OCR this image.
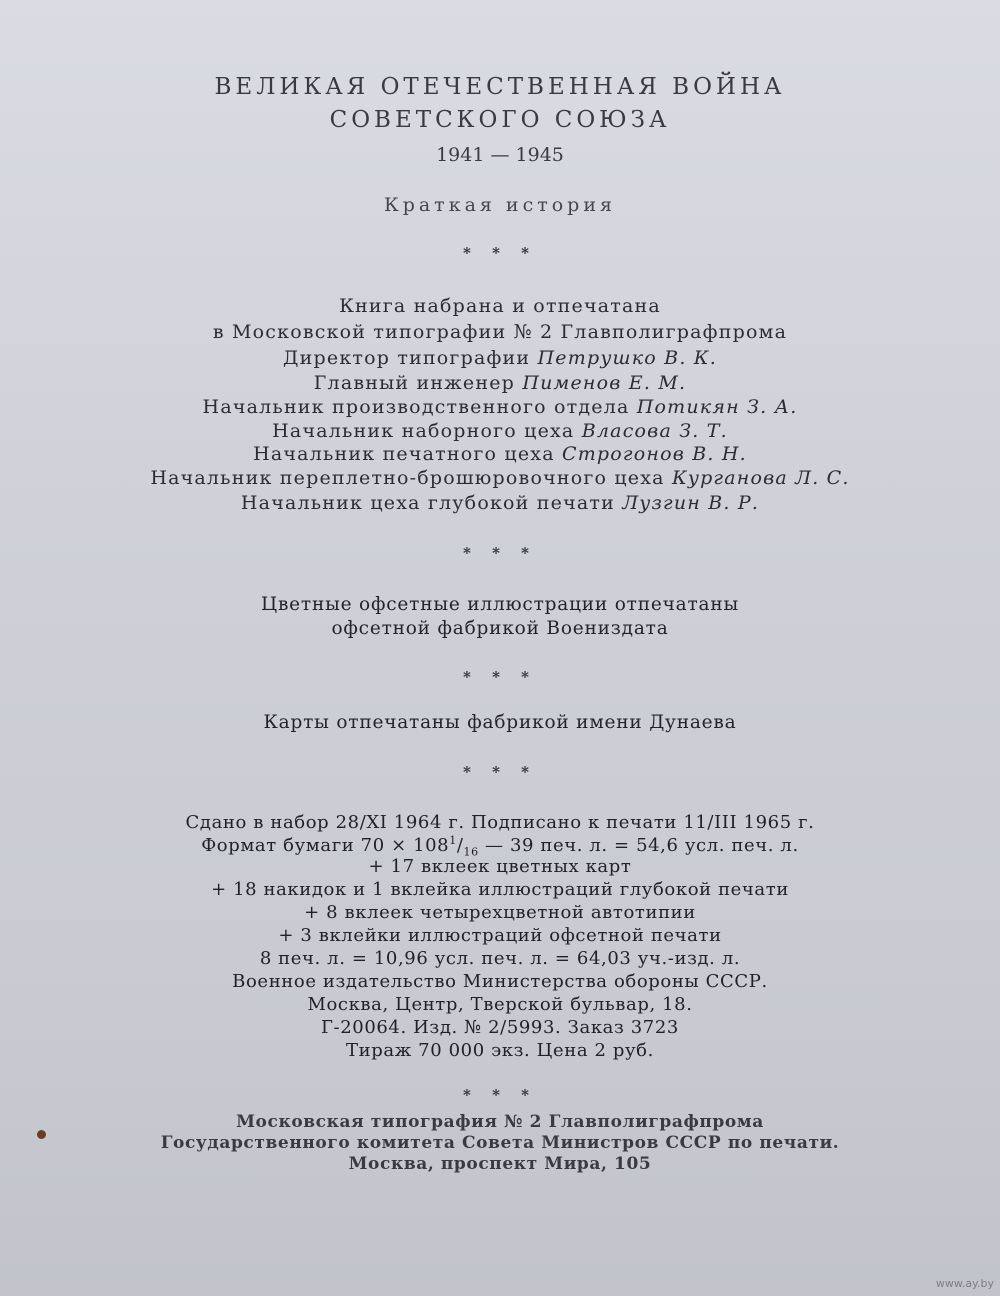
ВЕЛИКАЯ ОТЕЧЕСТВЕННАЯ ВОЙНА
СОВЕТСКОГО СОЮЗА
1941 — 1945
Краткая история
* * *
Книга набрана и отпечатана
в Московской типографии № 2 Главполиграфпрома
Директор типографии Петрушко В. К.
Главный инженер Пименов Е. М.
Начальник производственного отдела Потикян З. А.
Начальник наборного цеха Власова З. Т.
Начальник печатного цеха Строгонов В. Н.
Начальник переплетно-брошюровочного цеха Курганова Л. С.
Начальник цеха глубокой печати Лузгин В. Р.
* * *
Цветные офсетные иллюстрации отпечатаны
офсетной фабрикой Воениздата
* * *
Карты отпечатаны фабрикой имени Дунаева
* * *
Сдано в набор 28/XI 1964 г. Подписано к печати 11/III 1965 г.
Формат бумаги $70 \times 108^1/_{16}$ — 39 печ. л. = 54,6 усл. печ. л.
+ 17 вклеек цветных карт
+ 18 накидок и 1 вклейка иллюстраций глубокой печати
+ 8 вклеек четырехцветной автотипии
+ 3 вклейки иллюстраций офсетной печати
8 печ. л. = 10,96 усл. печ. л. = 64,03 уч.-изд. л.
Военное издательство Министерства обороны СССР.
Москва, Центр, Тверской бульвар, 18.
Г-20064. Изд. № 2/5993. Заказ 3723
Тираж 70 000 экз. Цена 2 руб.
* * *
Московская типография № 2 Главполиграфпрома
Государственного комитета Совета Министров СССР по печати.
Москва, проспект Мира, 105
www.ay.by
